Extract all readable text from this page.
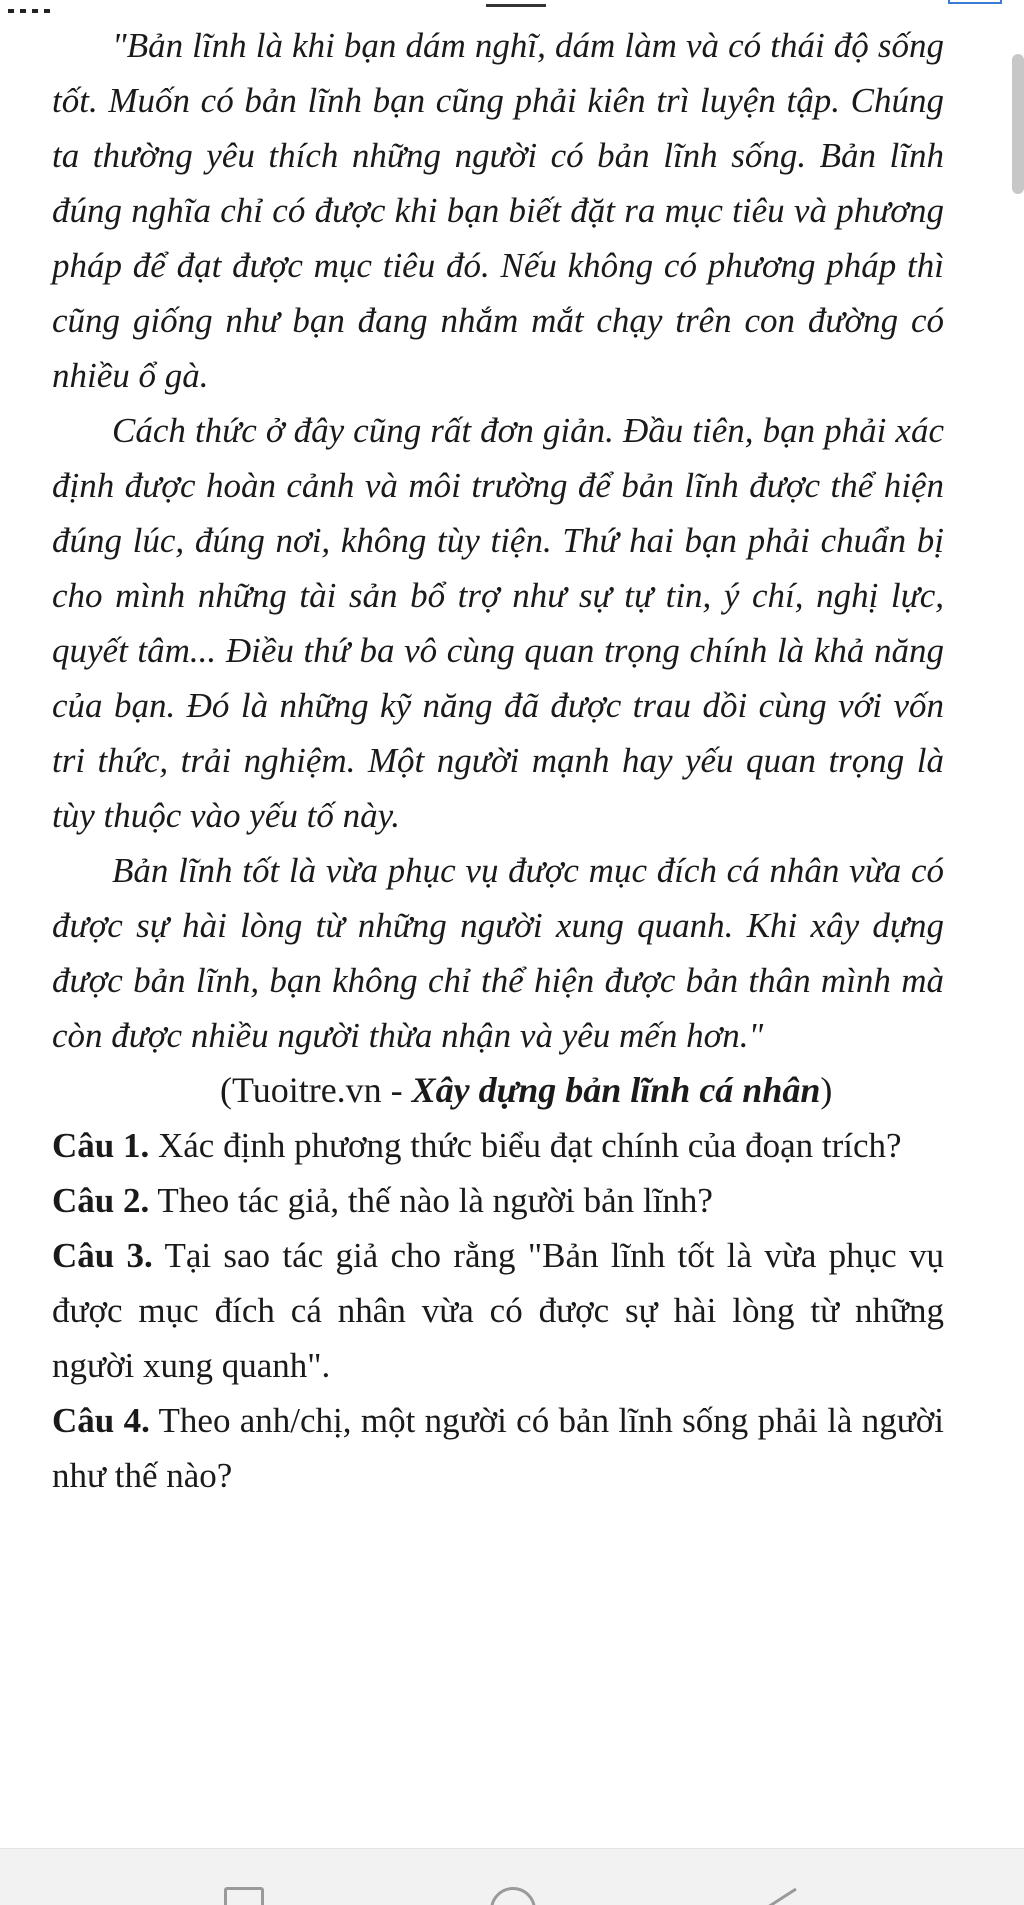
"Bản lĩnh là khi bạn dám nghĩ, dám làm và có thái độ sống tốt. Muốn có bản lĩnh bạn cũng phải kiên trì luyện tập. Chúng ta thường yêu thích những người có bản lĩnh sống. Bản lĩnh đúng nghĩa chỉ có được khi bạn biết đặt ra mục tiêu và phương pháp để đạt được mục tiêu đó. Nếu không có phương pháp thì cũng giống như bạn đang nhắm mắt chạy trên con đường có nhiều ổ gà.

Cách thức ở đây cũng rất đơn giản. Đầu tiên, bạn phải xác định được hoàn cảnh và môi trường để bản lĩnh được thể hiện đúng lúc, đúng nơi, không tùy tiện. Thứ hai bạn phải chuẩn bị cho mình những tài sản bổ trợ như sự tự tin, ý chí, nghị lực, quyết tâm... Điều thứ ba vô cùng quan trọng chính là khả năng của bạn. Đó là những kỹ năng đã được trau dồi cùng với vốn tri thức, trải nghiệm. Một người mạnh hay yếu quan trọng là tùy thuộc vào yếu tố này.

Bản lĩnh tốt là vừa phục vụ được mục đích cá nhân vừa có được sự hài lòng từ những người xung quanh. Khi xây dựng được bản lĩnh, bạn không chỉ thể hiện được bản thân mình mà còn được nhiều người thừa nhận và yêu mến hơn."

(Tuoitre.vn - Xây dựng bản lĩnh cá nhân)

Câu 1. Xác định phương thức biểu đạt chính của đoạn trích?

Câu 2. Theo tác giả, thế nào là người bản lĩnh?

Câu 3. Tại sao tác giả cho rằng "Bản lĩnh tốt là vừa phục vụ được mục đích cá nhân vừa có được sự hài lòng từ những người xung quanh".

Câu 4. Theo anh/chị, một người có bản lĩnh sống phải là người như thế nào?
